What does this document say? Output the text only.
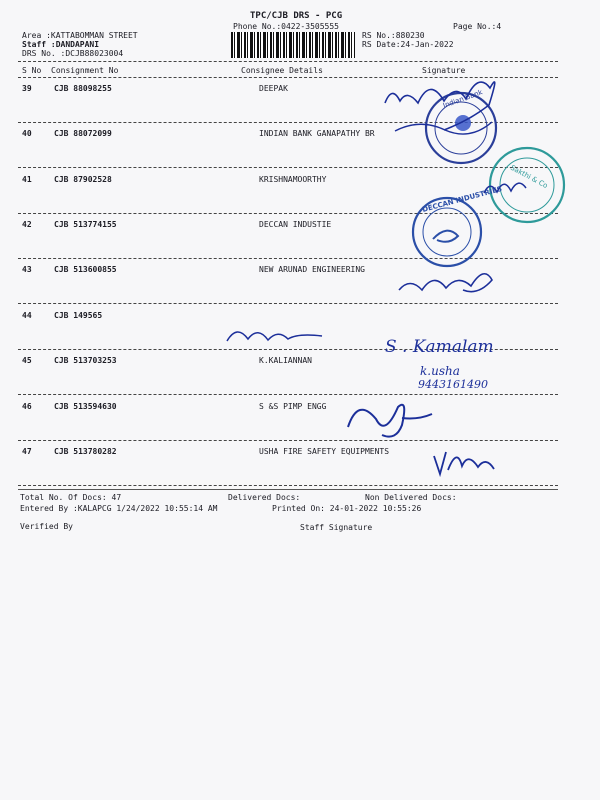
TPC/CJB DRS - PCG
Phone No.:0422-3505555	Page No.:4
Area :KATTABOMMAN STREET
Staff :DANDAPANI
DRS No. :DCJB88023004
RS No.:880230
RS Date:24-Jan-2022
S No Consignment No	Consignee Details	Signature
39	CJB 88098255	DEEPAK
40	CJB 88072099	INDIAN BANK GANAPATHY BR
41	CJB 87902528	KRISHNAMOORTHY
42	CJB 513774155	DECCAN INDUSTIE
43	CJB 513600855	NEW ARUNAD ENGINEERING
44	CJB 149565
45	CJB 513703253	K.KALIANNAN
46	CJB 513594630	S &S PIMP ENGG
47	CJB 513780282	USHA FIRE SAFETY EQUIPMENTS
Total No. Of Docs: 47	Delivered Docs:	Non Delivered Docs:
Entered By :KALAPCG 1/24/2022 10:55:14 AM	Printed On: 24-01-2022 10:55:26
Verified By	Staff Signature
Indian Bank
Sakthi & Co
DECCAN INDUSTRIES
S . Kamalam
k.usha
9443161490
